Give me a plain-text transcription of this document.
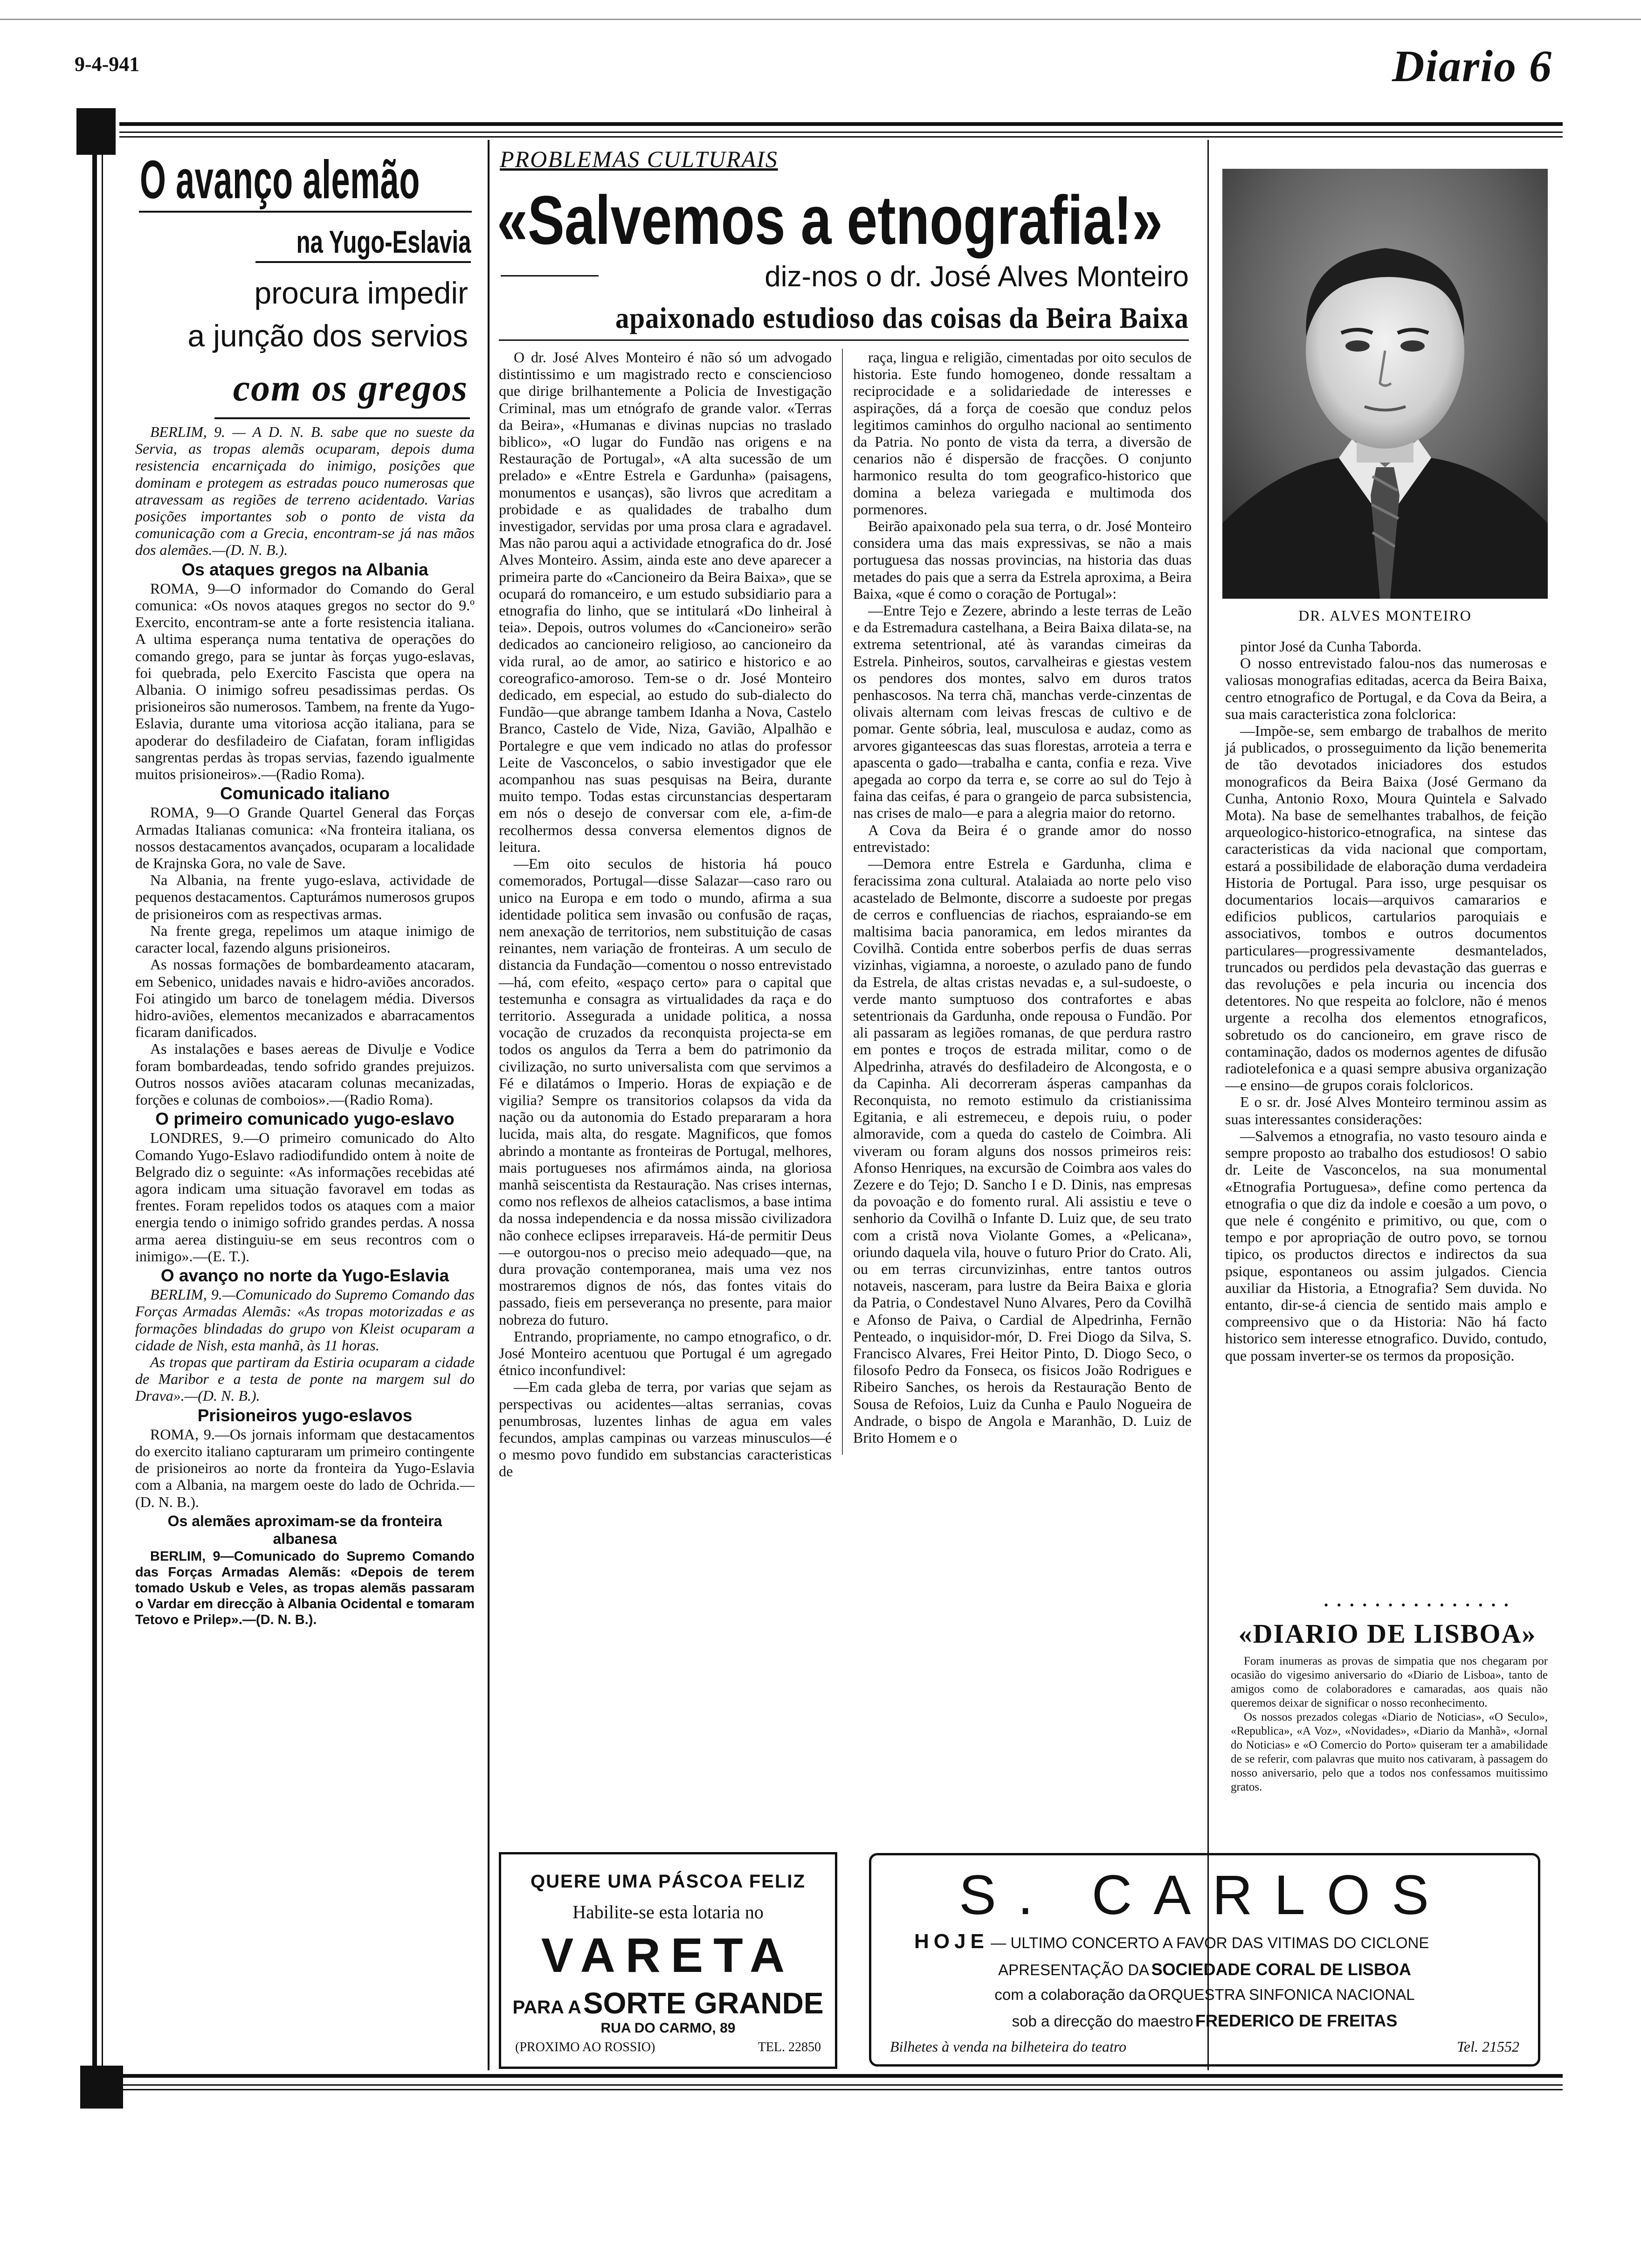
9-4-941	Diario 6
O avanço alemão
na Yugo-Eslavia
procura impedir
a junção dos servios
com os gregos

BERLIM, 9. — A D. N. B. sabe que no sueste da Servia, as tropas alemãs ocuparam, depois duma resistencia encarniçada do inimigo, posições que dominam e protegem as estradas pouco numerosas que atravessam as regiões de terreno acidentado. Varias posições importantes sob o ponto de vista da comunicação com a Grecia, encontram-se já nas mãos dos alemães.—(D. N. B.).

Os ataques gregos na Albania

ROMA, 9—O informador do Comando do Geral comunica: «Os novos ataques gregos no sector do 9.º Exercito, encontram-se ante a forte resistencia italiana. A ultima esperança numa tentativa de operações do comando grego, para se juntar às forças yugo-eslavas, foi quebrada, pelo Exercito Fascista que opera na Albania. O inimigo sofreu pesadissimas perdas. Os prisioneiros são numerosos. Tambem, na frente da Yugo-Eslavia, durante uma vitoriosa acção italiana, para se apoderar do desfiladeiro de Ciafatan, foram infligidas sangrentas perdas às tropas servias, fazendo igualmente muitos prisioneiros».—(Radio Roma).

Comunicado italiano

ROMA, 9—O Grande Quartel General das Forças Armadas Italianas comunica: «Na fronteira italiana, os nossos destacamentos avançados, ocuparam a localidade de Krajnska Gora, no vale de Save.

Na Albania, na frente yugo-eslava, actividade de pequenos destacamentos. Capturámos numerosos grupos de prisioneiros com as respectivas armas.

Na frente grega, repelimos um ataque inimigo de caracter local, fazendo alguns prisioneiros.

As nossas formações de bombardeamento atacaram, em Sebenico, unidades navais e hidro-aviões ancorados. Foi atingido um barco de tonelagem média. Diversos hidro-aviões, elementos mecanizados e abarracamentos ficaram danificados.

As instalações e bases aereas de Divulje e Vodice foram bombardeadas, tendo sofrido grandes prejuizos. Outros nossos aviões atacaram colunas mecanizadas, forções e colunas de comboios».—(Radio Roma).

O primeiro comunicado yugo-eslavo

LONDRES, 9.—O primeiro comunicado do Alto Comando Yugo-Eslavo radiodifundido ontem à noite de Belgrado diz o seguinte: «As informações recebidas até agora indicam uma situação favoravel em todas as frentes. Foram repelidos todos os ataques com a maior energia tendo o inimigo sofrido grandes perdas. A nossa arma aerea distinguiu-se em seus recontros com o inimigo».—(E. T.).

O avanço no norte da Yugo-Eslavia

BERLIM, 9.—Comunicado do Supremo Comando das Forças Armadas Alemãs: «As tropas motorizadas e as formações blindadas do grupo von Kleist ocuparam a cidade de Nish, esta manhã, às 11 horas.

As tropas que partiram da Estiria ocuparam a cidade de Maribor e a testa de ponte na margem sul do Drava».—(D. N. B.).

Prisioneiros yugo-eslavos

ROMA, 9.—Os jornais informam que destacamentos do exercito italiano capturaram um primeiro contingente de prisioneiros ao norte da fronteira da Yugo-Eslavia com a Albania, na margem oeste do lado de Ochrida.—(D. N. B.).

Os alemães aproximam-se da fronteira albanesa

BERLIM, 9—Comunicado do Supremo Comando das Forças Armadas Alemãs: «Depois de terem tomado Uskub e Veles, as tropas alemãs passaram o Vardar em direcção à Albania Ocidental e tomaram Tetovo e Prilep».—(D. N. B.).

PROBLEMAS CULTURAIS
«Salvemos a etnografia!»
diz-nos o dr. José Alves Monteiro
apaixonado estudioso das coisas da Beira Baixa

O dr. José Alves Monteiro é não só um advogado distintissimo e um magistrado recto e consciencioso que dirige brilhantemente a Policia de Investigação Criminal, mas um etnógrafo de grande valor. «Terras da Beira», «Humanas e divinas nupcias no traslado biblico», «O lugar do Fundão nas origens e na Restauração de Portugal», «A alta sucessão de um prelado» e «Entre Estrela e Gardunha» (paisagens, monumentos e usanças), são livros que acreditam a probidade e as qualidades de trabalho dum investigador, servidas por uma prosa clara e agradavel. Mas não parou aqui a actividade etnografica do dr. José Alves Monteiro. Assim, ainda este ano deve aparecer a primeira parte do «Cancioneiro da Beira Baixa», que se ocupará do romanceiro, e um estudo subsidiario para a etnografia do linho, que se intitulará «Do linheiral à teia». Depois, outros volumes do «Cancioneiro» serão dedicados ao cancioneiro religioso, ao cancioneiro da vida rural, ao de amor, ao satirico e historico e ao coreografico-amoroso. Tem-se o dr. José Monteiro dedicado, em especial, ao estudo do sub-dialecto do Fundão—que abrange tambem Idanha a Nova, Castelo Branco, Castelo de Vide, Niza, Gavião, Alpalhão e Portalegre e que vem indicado no atlas do professor Leite de Vasconcelos, o sabio investigador que ele acompanhou nas suas pesquisas na Beira, durante muito tempo. Todas estas circunstancias despertaram em nós o desejo de conversar com ele, a-fim-de recolhermos dessa conversa elementos dignos de leitura.

—Em oito seculos de historia há pouco comemorados, Portugal—disse Salazar—caso raro ou unico na Europa e em todo o mundo, afirma a sua identidade politica sem invasão ou confusão de raças, nem anexação de territorios, nem substituição de casas reinantes, nem variação de fronteiras. A um seculo de distancia da Fundação—comentou o nosso entrevistado—há, com efeito, «espaço certo» para o capital que testemunha e consagra as virtualidades da raça e do territorio. Assegurada a unidade politica, a nossa vocação de cruzados da reconquista projecta-se em todos os angulos da Terra a bem do patrimonio da civilização, no surto universalista com que servimos a Fé e dilatámos o Imperio. Horas de expiação e de vigilia? Sempre os transitorios colapsos da vida da nação ou da autonomia do Estado prepararam a hora lucida, mais alta, do resgate. Magnificos, que fomos abrindo a montante as fronteiras de Portugal, melhores, mais portugueses nos afirmámos ainda, na gloriosa manhã seiscentista da Restauração. Nas crises internas, como nos reflexos de alheios cataclismos, a base intima da nossa independencia e da nossa missão civilizadora não conhece eclipses irreparaveis. Há-de permitir Deus—e outorgou-nos o preciso meio adequado—que, na dura provação contemporanea, mais uma vez nos mostraremos dignos de nós, das fontes vitais do passado, fieis em perseverança no presente, para maior nobreza do futuro.

Entrando, propriamente, no campo etnografico, o dr. José Monteiro acentuou que Portugal é um agregado étnico inconfundivel:

—Em cada gleba de terra, por varias que sejam as perspectivas ou acidentes—altas serranias, covas penumbrosas, luzentes linhas de agua em vales fecundos, amplas campinas ou varzeas minusculos—é o mesmo povo fundido em substancias caracteristicas de

raça, lingua e religião, cimentadas por oito seculos de historia. Este fundo homogeneo, donde ressaltam a reciprocidade e a solidariedade de interesses e aspirações, dá a força de coesão que conduz pelos legitimos caminhos do orgulho nacional ao sentimento da Patria. No ponto de vista da terra, a diversão de cenarios não é dispersão de fracções. O conjunto harmonico resulta do tom geografico-historico que domina a beleza variegada e multimoda dos pormenores.

Beirão apaixonado pela sua terra, o dr. José Monteiro considera uma das mais expressivas, se não a mais portuguesa das nossas provincias, na historia das duas metades do pais que a serra da Estrela aproxima, a Beira Baixa, «que é como o coração de Portugal»:

—Entre Tejo e Zezere, abrindo a leste terras de Leão e da Estremadura castelhana, a Beira Baixa dilata-se, na extrema setentrional, até às varandas cimeiras da Estrela. Pinheiros, soutos, carvalheiras e giestas vestem os pendores dos montes, salvo em duros tratos penhascosos. Na terra chã, manchas verde-cinzentas de olivais alternam com leivas frescas de cultivo e de pomar. Gente sóbria, leal, musculosa e audaz, como as arvores giganteescas das suas florestas, arroteia a terra e apascenta o gado—trabalha e canta, confia e reza. Vive apegada ao corpo da terra e, se corre ao sul do Tejo à faina das ceifas, é para o grangeio de parca subsistencia, nas crises de malo—e para a alegria maior do retorno.

A Cova da Beira é o grande amor do nosso entrevistado:

—Demora entre Estrela e Gardunha, clima e feracissima zona cultural. Atalaiada ao norte pelo viso acastelado de Belmonte, discorre a sudoeste por pregas de cerros e confluencias de riachos, espraiando-se em maltisima bacia panoramica, em ledos mirantes da Covilhã. Contida entre soberbos perfis de duas serras vizinhas, vigiamna, a noroeste, o azulado pano de fundo da Estrela, de altas cristas nevadas e, a sul-sudoeste, o verde manto sumptuoso dos contrafortes e abas setentrionais da Gardunha, onde repousa o Fundão. Por ali passaram as legiões romanas, de que perdura rastro em pontes e troços de estrada militar, como o de Alpedrinha, através do desfiladeiro de Alcongosta, e o da Capinha. Ali decorreram ásperas campanhas da Reconquista, no remoto estimulo da cristianissima Egitania, e ali estremeceu, e depois ruiu, o poder almoravide, com a queda do castelo de Coimbra. Ali viveram ou foram alguns dos nossos primeiros reis: Afonso Henriques, na excursão de Coimbra aos vales do Zezere e do Tejo; D. Sancho I e D. Dinis, nas empresas da povoação e do fomento rural. Ali assistiu e teve o senhorio da Covilhã o Infante D. Luiz que, de seu trato com a cristã nova Violante Gomes, a «Pelicana», oriundo daquela vila, houve o futuro Prior do Crato. Ali, ou em terras circunvizinhas, entre tantos outros notaveis, nasceram, para lustre da Beira Baixa e gloria da Patria, o Condestavel Nuno Alvares, Pero da Covilhã e Afonso de Paiva, o Cardial de Alpedrinha, Fernão Penteado, o inquisidor-mór, D. Frei Diogo da Silva, S. Francisco Alvares, Frei Heitor Pinto, D. Diogo Seco, o filosofo Pedro da Fonseca, os fisicos João Rodrigues e Ribeiro Sanches, os herois da Restauração Bento de Sousa de Refoios, Luiz da Cunha e Paulo Nogueira de Andrade, o bispo de Angola e Maranhão, D. Luiz de Brito Homem e o

DR. ALVES MONTEIRO

pintor José da Cunha Taborda.

O nosso entrevistado falou-nos das numerosas e valiosas monografias editadas, acerca da Beira Baixa, centro etnografico de Portugal, e da Cova da Beira, a sua mais caracteristica zona folclorica:

—Impõe-se, sem embargo de trabalhos de merito já publicados, o prosseguimento da lição benemerita de tão devotados iniciadores dos estudos monograficos da Beira Baixa (José Germano da Cunha, Antonio Roxo, Moura Quintela e Salvado Mota). Na base de semelhantes trabalhos, de feição arqueologico-historico-etnografica, na sintese das caracteristicas da vida nacional que comportam, estará a possibilidade de elaboração duma verdadeira Historia de Portugal. Para isso, urge pesquisar os documentarios locais—arquivos camararios e edificios publicos, cartularios paroquiais e associativos, tombos e outros documentos particulares—progressivamente desmantelados, truncados ou perdidos pela devastação das guerras e das revoluções e pela incuria ou incencia dos detentores. No que respeita ao folclore, não é menos urgente a recolha dos elementos etnograficos, sobretudo os do cancioneiro, em grave risco de contaminação, dados os modernos agentes de difusão radiotelefonica e a quasi sempre abusiva organização—e ensino—de grupos corais folcloricos.

E o sr. dr. José Alves Monteiro terminou assim as suas interessantes considerações:

—Salvemos a etnografia, no vasto tesouro ainda e sempre proposto ao trabalho dos estudiosos! O sabio dr. Leite de Vasconcelos, na sua monumental «Etnografia Portuguesa», define como pertenca da etnografia o que diz da indole e coesão a um povo, o que nele é congénito e primitivo, ou que, com o tempo e por apropriação de outro povo, se tornou tipico, os productos directos e indirectos da sua psique, espontaneos ou assim julgados. Ciencia auxiliar da Historia, a Etnografia? Sem duvida. No entanto, dir-se-á ciencia de sentido mais amplo e compreensivo que o da Historia: Não há facto historico sem interesse etnografico. Duvido, contudo, que possam inverter-se os termos da proposição.

• • • • • • • • • • • • • • •
«DIARIO DE LISBOA»

Foram inumeras as provas de simpatia que nos chegaram por ocasião do vigesimo aniversario do «Diario de Lisboa», tanto de amigos como de colaboradores e camaradas, aos quais não queremos deixar de significar o nosso reconhecimento.

Os nossos prezados colegas «Diario de Noticias», «O Seculo», «Republica», «A Voz», «Novidades», «Diario da Manhã», «Jornal do Noticias» e «O Comercio do Porto» quiseram ter a amabilidade de se referir, com palavras que muito nos cativaram, à passagem do nosso aniversario, pelo que a todos nos confessamos muitissimo gratos.

QUERE UMA PÁSCOA FELIZ
Habilite-se esta lotaria no
VARETA
PARA A SORTE GRANDE
RUA DO CARMO, 89
(PROXIMO AO ROSSIO)	TEL. 22850
S. CARLOS
HOJE — ULTIMO CONCERTO A FAVOR DAS VITIMAS DO CICLONE
APRESENTAÇÃO DA SOCIEDADE CORAL DE LISBOA
com a colaboração da ORQUESTRA SINFONICA NACIONAL
sob a direcção do maestro FREDERICO DE FREITAS
Bilhetes à venda na bilheteira do teatro	Tel. 21552
